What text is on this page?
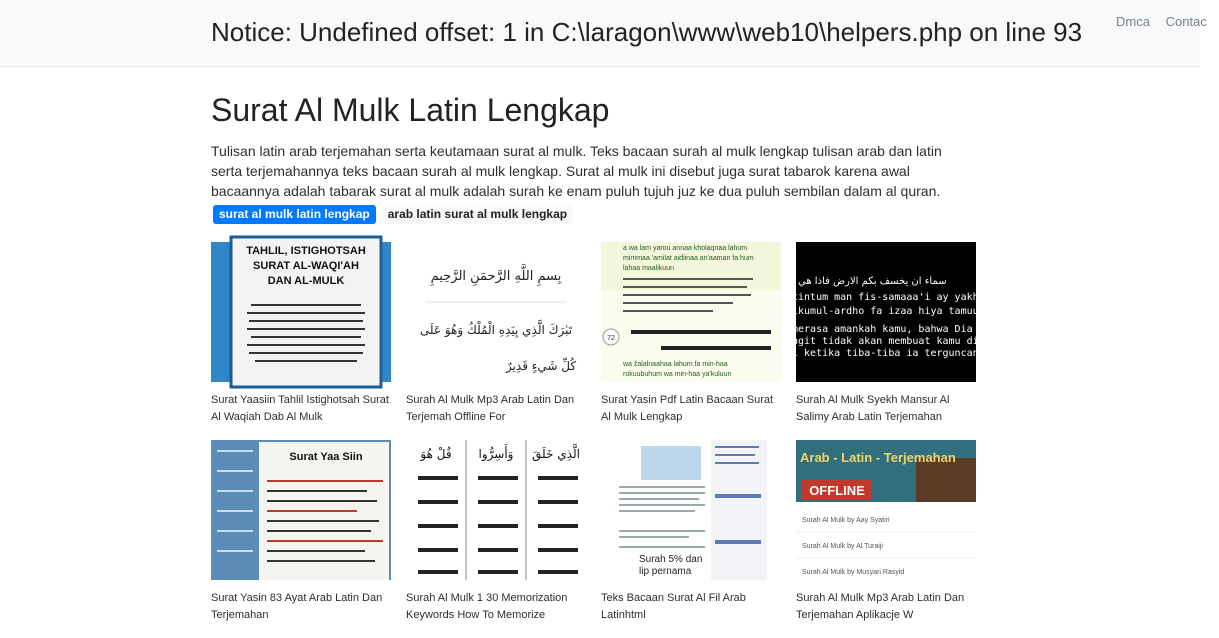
Notice: Undefined offset: 1 in C:\laragon\www\web10\helpers.php on line 93	Dmca Contac
Surat Al Mulk Latin Lengkap

Tulisan latin arab terjemahan serta keutamaan surat al mulk. Teks bacaan surah al mulk lengkap tulisan arab dan latin serta terjemahannya teks bacaan surah al mulk lengkap. Surat al mulk ini disebut juga surat tabarok karena awal bacaannya adalah tabarak surat al mulk adalah surah ke enam puluh tujuh juz ke dua puluh sembilan dalam al quran.

surat al mulk latin lengkap	arab latin surat al mulk lengkap
TAHLIL, ISTIGHOTSAH
SURAT AL-WAQI'AH
DAN AL-MULK
Surat Yaasiin Tahlil Istighotsah Surat Al Waqiah Dab Al Mulk
بِسمِ اللَّهِ الرَّحمَنِ الرَّحِيمِ
تَبٰرَكَ الَّذِي بِيَدِهِ الْمُلْكُ وَهُوَ عَلَى
كُلِّ شَيءٍ قَدِيرٌ
Surah Al Mulk Mp3 Arab Latin Dan Terjemah Offline For
a wa lam yarou annaa kholaqnaa lahum
mimmaa 'amilat aidiinaa an'aaman fa hum
lahaa maalikuun
72
wa žalalnaahaa lahum fa min-haa
rokuubuhum wa min-haa ya'kuluun
Surat Yasin Pdf Latin Bacaan Surat Al Mulk Lengkap
سماء ان يخسف بكم الارض فاذا هي
tintum man fis-samaaa'i ay yakhsi
ikumul-ardho fa izaa hiya tamuu
merasa amankah kamu, bahwa Dia
ngit tidak akan membuat kamu di
i ketika tiba-tiba ia terguncang
Surah Al Mulk Syekh Mansur Al Salimy Arab Latin Terjemahan
Surat Yaa Siin
Surat Yasin 83 Ayat Arab Latin Dan Terjemahan
قُلْ هُوَ وَأَسِرُّوا الَّذِي خَلَقَ
Surah Al Mulk 1 30 Memorization Keywords How To Memorize
Surah 5% dan
lip pernama
Teks Bacaan Surat Al Fil Arab Latinhtml
Arab - Latin - Terjemahan
OFFLINE
Surah Al Mulk by Aay Syatiri
Surah Al Mulk by Al Turaiji
Surah Al Mulk by Musyari Rasyid
Surah Al Mulk Mp3 Arab Latin Dan Terjemahan Aplikacje W
